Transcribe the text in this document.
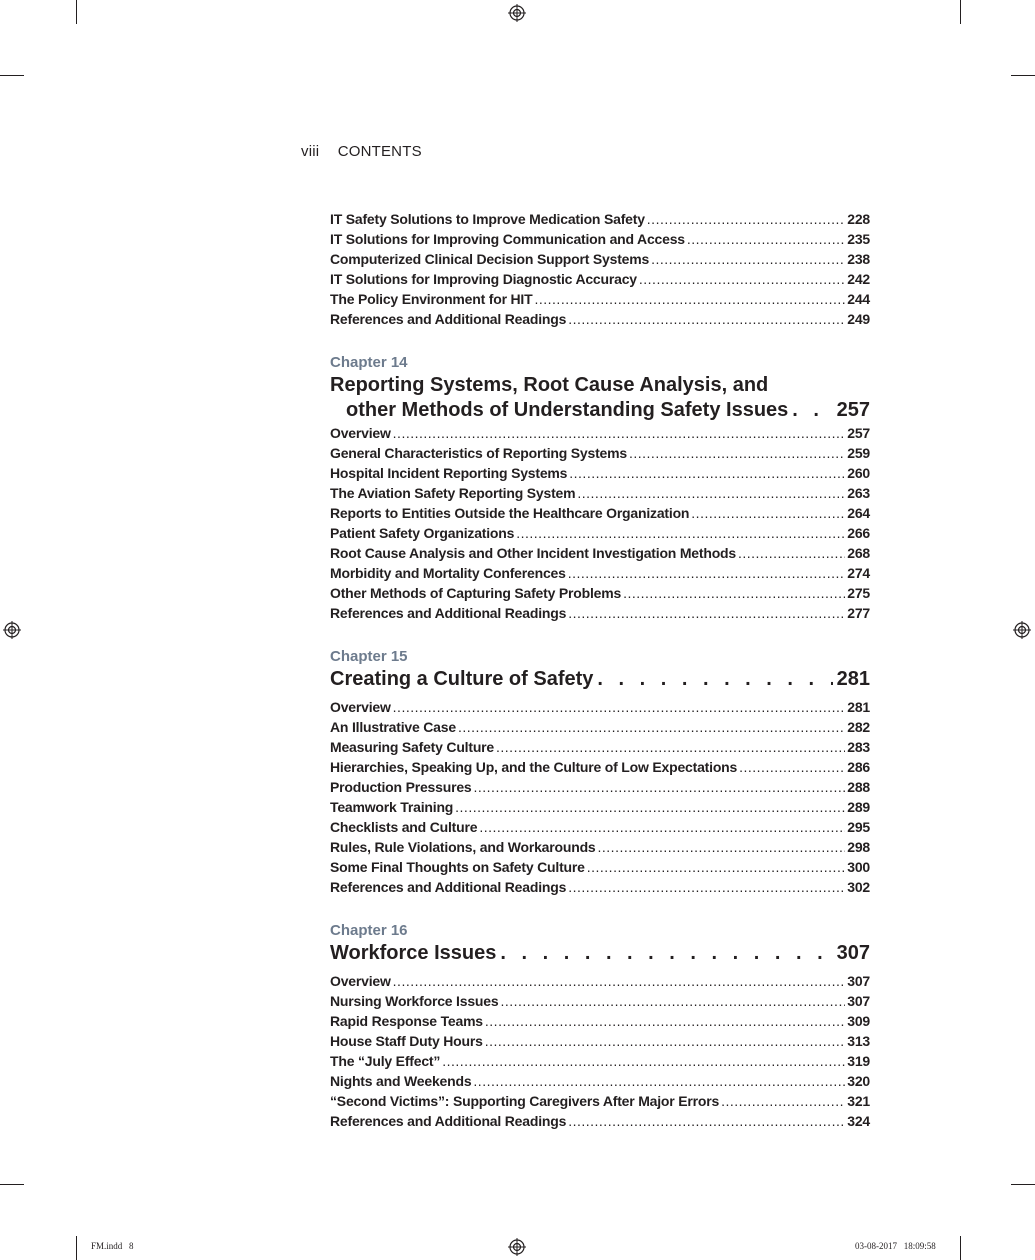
viii CONTENTS
IT Safety Solutions to Improve Medication Safety .....	228
IT Solutions for Improving Communication and Access .....	235
Computerized Clinical Decision Support Systems .....	238
IT Solutions for Improving Diagnostic Accuracy .....	242
The Policy Environment for HIT .....	244
References and Additional Readings .....	249
Chapter 14
Reporting Systems, Root Cause Analysis, and
other Methods of Understanding Safety Issues . . . 257
Overview .....	257
General Characteristics of Reporting Systems .....	259
Hospital Incident Reporting Systems .....	260
The Aviation Safety Reporting System .....	263
Reports to Entities Outside the Healthcare Organization .....	264
Patient Safety Organizations .....	266
Root Cause Analysis and Other Incident Investigation Methods .....	268
Morbidity and Mortality Conferences .....	274
Other Methods of Capturing Safety Problems .....	275
References and Additional Readings .....	277
Chapter 15
Creating a Culture of Safety . . .	281
Overview .....	281
An Illustrative Case .....	282
Measuring Safety Culture .....	283
Hierarchies, Speaking Up, and the Culture of Low Expectations .....	286
Production Pressures .....	288
Teamwork Training .....	289
Checklists and Culture .....	295
Rules, Rule Violations, and Workarounds .....	298
Some Final Thoughts on Safety Culture .....	300
References and Additional Readings .....	302
Chapter 16
Workforce Issues . . .	307
Overview .....	307
Nursing Workforce Issues .....	307
Rapid Response Teams .....	309
House Staff Duty Hours .....	313
The “July Effect” .....	319
Nights and Weekends .....	320
“Second Victims”: Supporting Caregivers After Major Errors .....	321
References and Additional Readings .....	324
FM.indd   8	03-08-2017   18:09:58
